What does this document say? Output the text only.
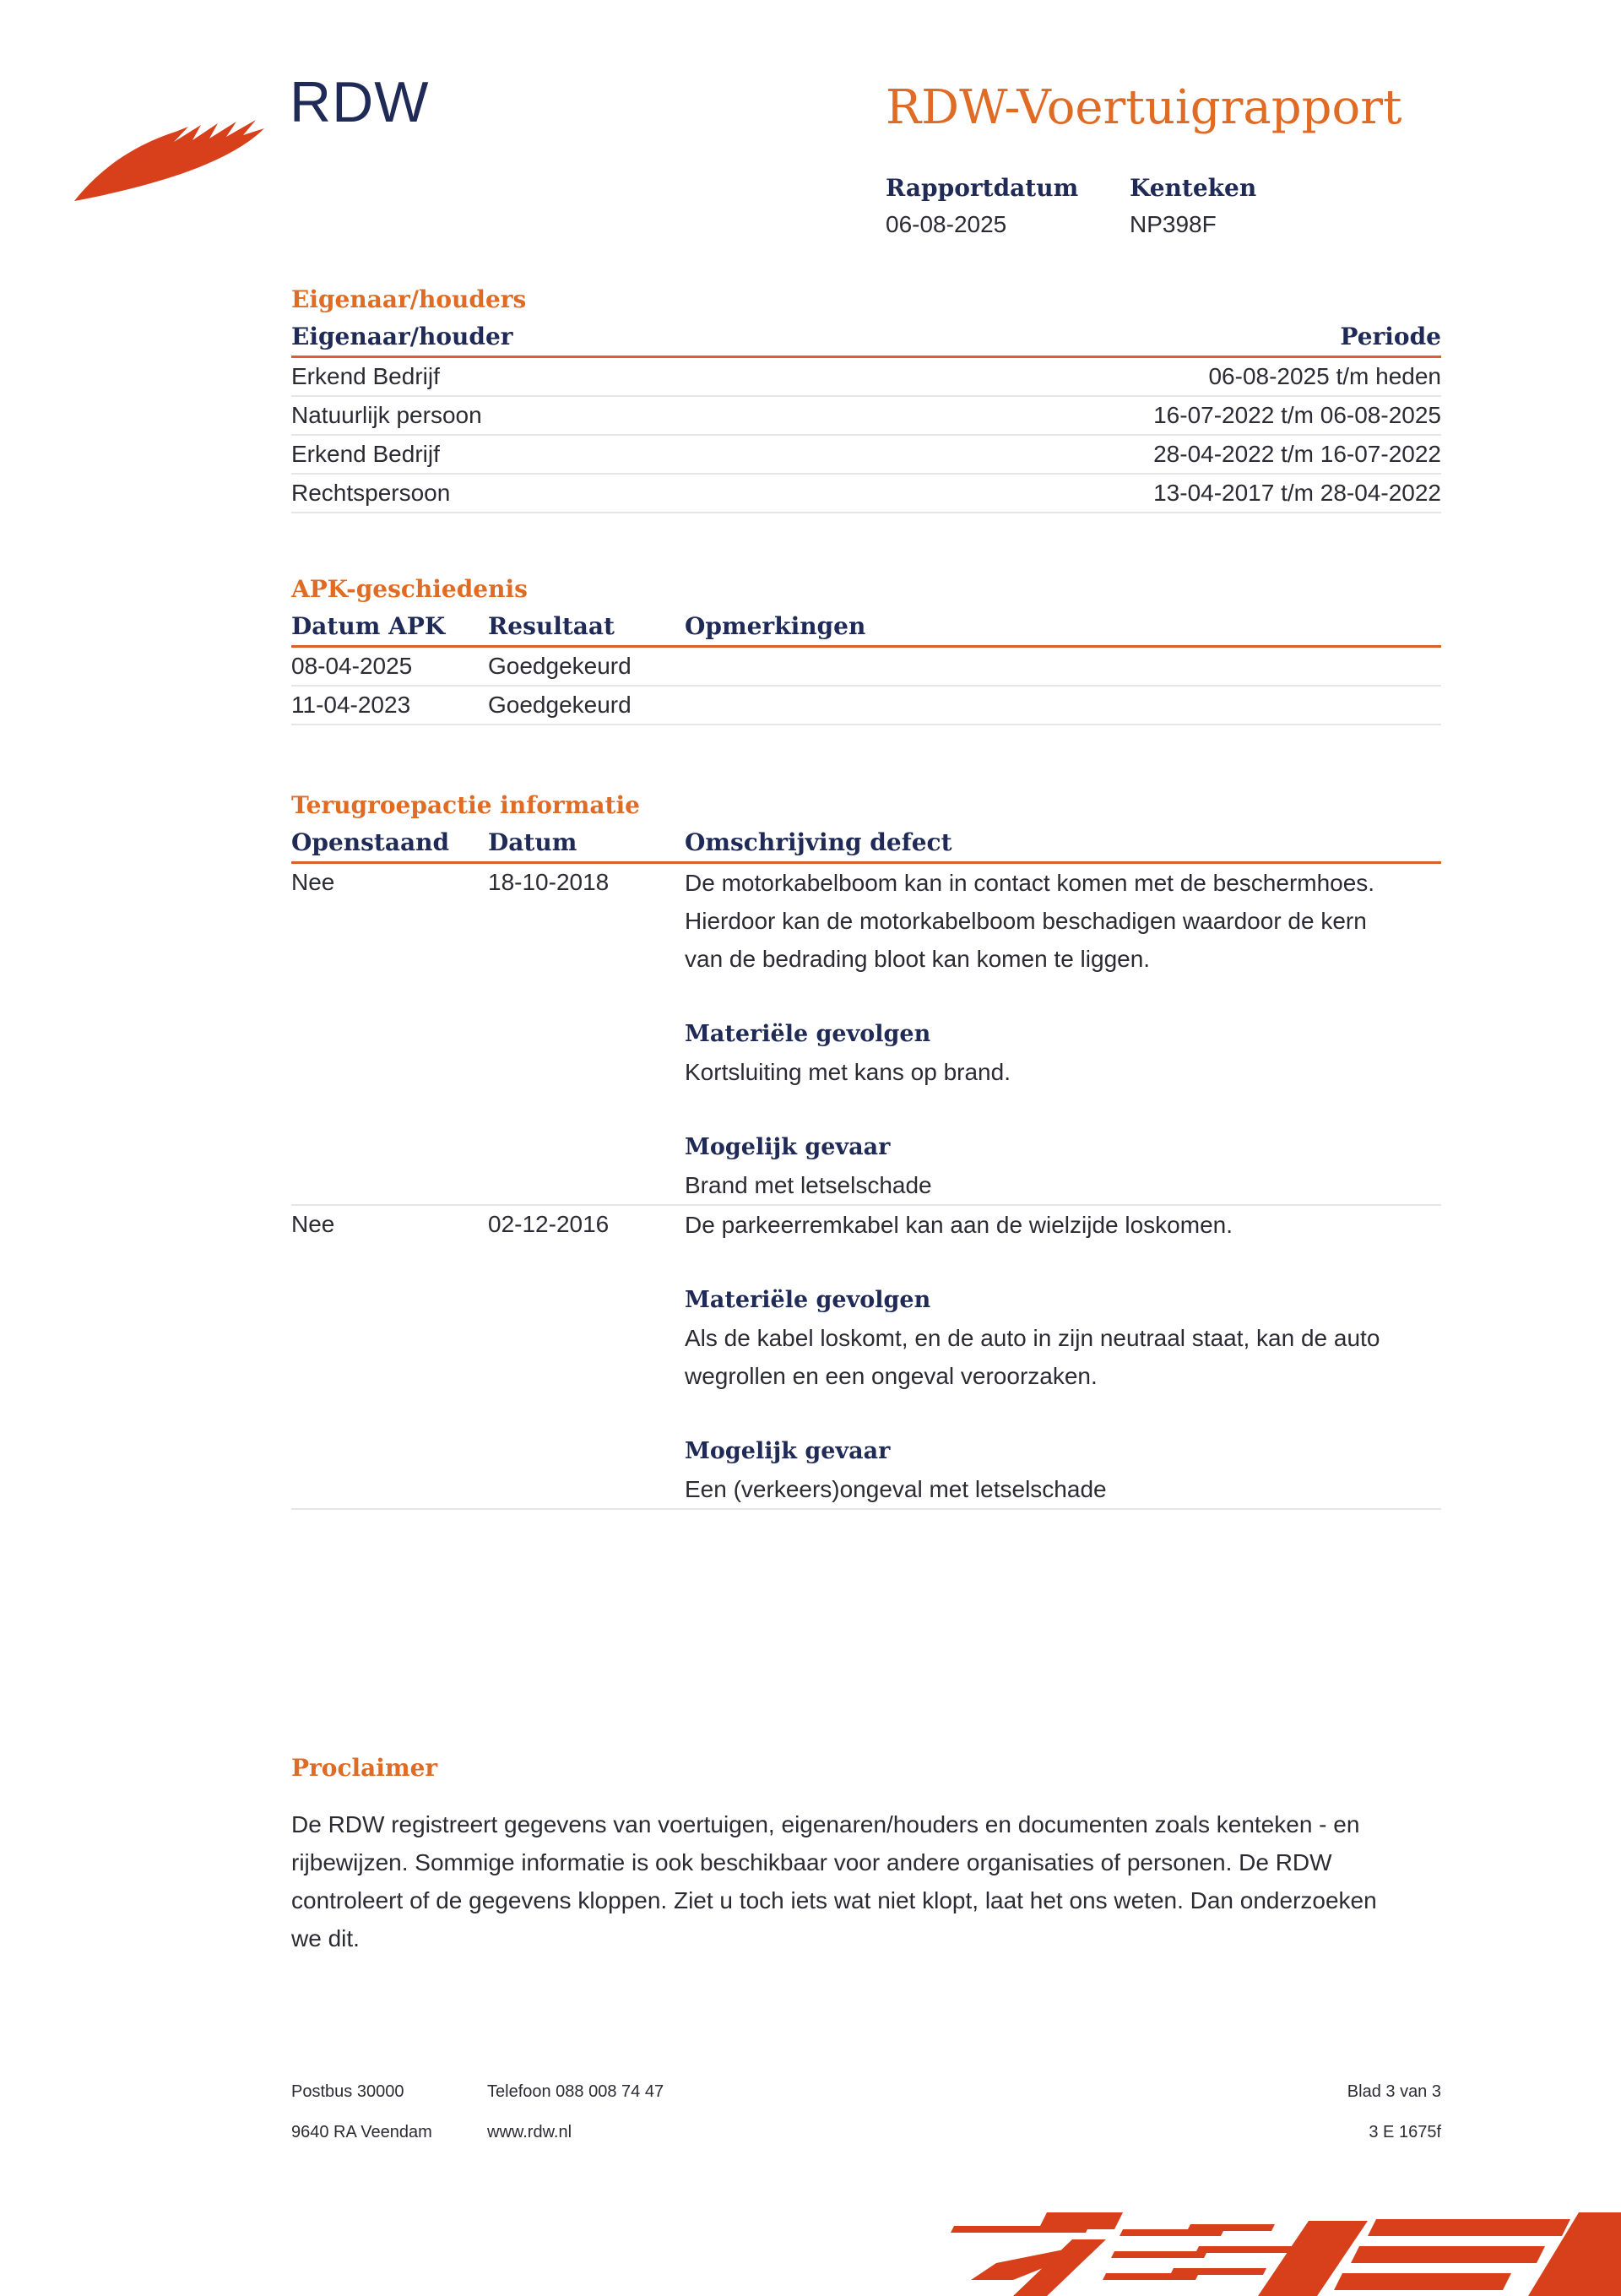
RDW	RDW-Voertuigrapport
Rapportdatum
06-08-2025
Kenteken
NP398F
Eigenaar/houders
Eigenaar/houder	Periode
Erkend Bedrijf	06-08-2025 t/m heden
Natuurlijk persoon	16-07-2022 t/m 06-08-2025
Erkend Bedrijf	28-04-2022 t/m 16-07-2022
Rechtspersoon	13-04-2017 t/m 28-04-2022
APK-geschiedenis
Datum APK	Resultaat	Opmerkingen
08-04-2025	Goedgekeurd
11-04-2023	Goedgekeurd
Terugroepactie informatie
Openstaand	Datum	Omschrijving defect
Nee	18-10-2018	De motorkabelboom kan in contact komen met de beschermhoes.
Hierdoor kan de motorkabelboom beschadigen waardoor de kern
van de bedrading bloot kan komen te liggen.
Materiële gevolgen
Kortsluiting met kans op brand.
Mogelijk gevaar
Brand met letselschade
Nee	02-12-2016	De parkeerremkabel kan aan de wielzijde loskomen.
Materiële gevolgen
Als de kabel loskomt, en de auto in zijn neutraal staat, kan de auto
wegrollen en een ongeval veroorzaken.
Mogelijk gevaar
Een (verkeers)ongeval met letselschade
Proclaimer
De RDW registreert gegevens van voertuigen, eigenaren/houders en documenten zoals kenteken - en
rijbewijzen. Sommige informatie is ook beschikbaar voor andere organisaties of personen. De RDW
controleert of de gegevens kloppen. Ziet u toch iets wat niet klopt, laat het ons weten. Dan onderzoeken
we dit.
Postbus 30000
9640 RA Veendam
Telefoon 088 008 74 47
www.rdw.nl
Blad 3 van 3
3 E 1675f
